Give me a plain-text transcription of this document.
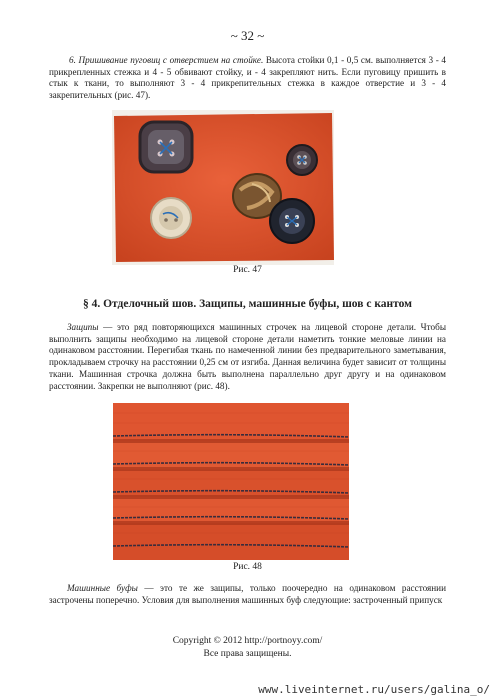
~ 32 ~
6. Пришивание пуговиц с отверстием на стойке. Высота стойки 0,1 - 0,5 см. выполняется 3 - 4 прикрепленных стежка и 4 - 5 обвивают стойку, и - 4 закрепляют нить. Если пуговицу пришить в стык к ткани, то выполняют 3 - 4 прикрепительных стежка в каждое отверстие и 3 - 4 закрепительных (рис. 47).
Рис. 47
§ 4. Отделочный шов. Защипы, машинные буфы, шов с кантом
Защипы — это ряд повторяющихся машинных строчек на лицевой стороне детали. Чтобы выполнить защипы необходимо на лицевой стороне детали наметить тонкие меловые линии на одинаковом расстоянии. Перегибая ткань по намеченной линии без предварительного заметывания, прокладываем строчку на расстоянии 0,25 см от изгиба. Данная величина будет зависит от толщины ткани. Машинная строчка должна быть выполнена параллельно друг другу и на одинаковом расстоянии. Закрепки не выполняют (рис. 48).
Рис. 48
Машинные буфы — это те же защипы, только поочередно на одинаковом расстоянии застрочены поперечно. Условия для выполнения машинных буф следующие: застроченный припуск
Copyright © 2012 http://portnoyy.com/
Все права защищены.
www.liveinternet.ru/users/galina_o/
